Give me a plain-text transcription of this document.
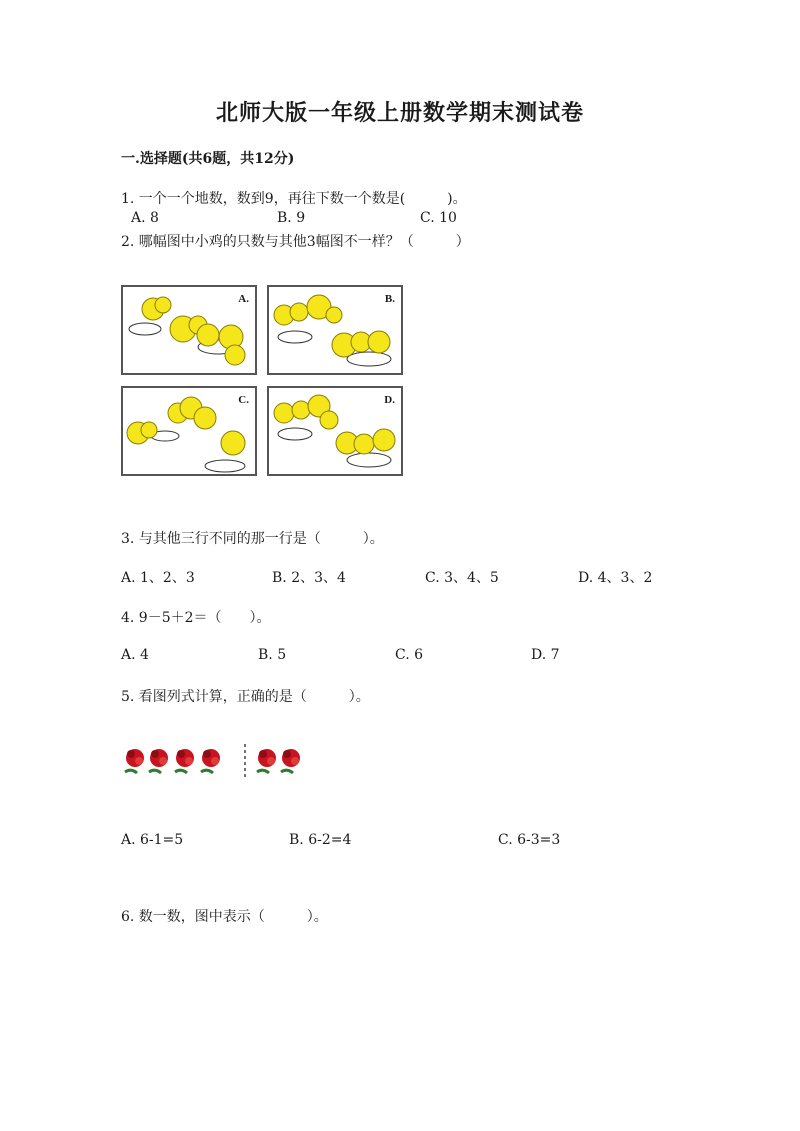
北师大版一年级上册数学期末测试卷
一.选择题(共6题，共12分)
1. 一个一个地数，数到9，再往下数一个数是(　　　)。
A. 8	B. 9	C. 10
2. 哪幅图中小鸡的只数与其他3幅图不一样？（　　　）
A.	B.
C.	D.
3. 与其他三行不同的那一行是（　　　）。
A. 1、2、3	B. 2、3、4	C. 3、4、5	D. 4、3、2
4. 9－5＋2＝（　　）。
A. 4	B. 5	C. 6	D. 7
5. 看图列式计算，正确的是（　　　）。
A. 6-1=5	B. 6-2=4	C. 6-3=3
6. 数一数，图中表示（　　　）。
